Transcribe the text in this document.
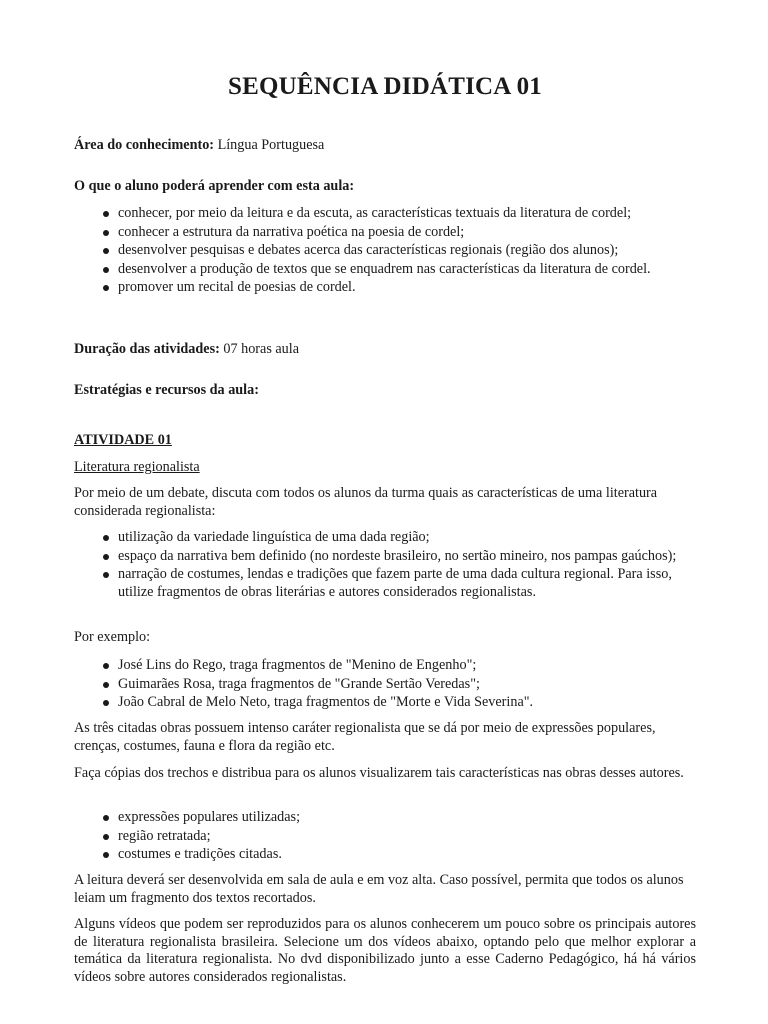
SEQUÊNCIA DIDÁTICA 01

Área do conhecimento: Língua Portuguesa

O que o aluno poderá aprender com esta aula:

conhecer, por meio da leitura e da escuta, as características textuais da literatura de cordel;
conhecer a estrutura da narrativa poética na poesia de cordel;
desenvolver pesquisas e debates acerca das características regionais (região dos alunos);
desenvolver a produção de textos que se enquadrem nas características da literatura de cordel.
promover um recital de poesias de cordel.

Duração das atividades: 07 horas aula

Estratégias e recursos da aula:

ATIVIDADE 01

Literatura regionalista

Por meio de um debate, discuta com todos os alunos da turma quais as características de uma literatura considerada regionalista:

utilização da variedade linguística de uma dada região;
espaço da narrativa bem definido (no nordeste brasileiro, no sertão mineiro, nos pampas gaúchos);
narração de costumes, lendas e tradições que fazem parte de uma dada cultura regional. Para isso, utilize fragmentos de obras literárias e autores considerados regionalistas.

Por exemplo:

José Lins do Rego, traga fragmentos de "Menino de Engenho";
Guimarães Rosa, traga fragmentos de "Grande Sertão Veredas";
João Cabral de Melo Neto, traga fragmentos de "Morte e Vida Severina".

As três citadas obras possuem intenso caráter regionalista que se dá por meio de expressões populares, crenças, costumes, fauna e flora da região etc.

Faça cópias dos trechos e distribua para os alunos visualizarem tais características nas obras desses autores.

expressões populares utilizadas;
região retratada;
costumes e tradições citadas.

A leitura deverá ser desenvolvida em sala de aula e em voz alta. Caso possível, permita que todos os alunos leiam um fragmento dos textos recortados.

Alguns vídeos que podem ser reproduzidos para os alunos conhecerem um pouco sobre os principais autores de literatura regionalista brasileira. Selecione um dos vídeos abaixo, optando pelo que melhor explorar a temática da literatura regionalista. No dvd disponibilizado junto a esse Caderno Pedagógico, há há vários vídeos sobre autores considerados regionalistas.
